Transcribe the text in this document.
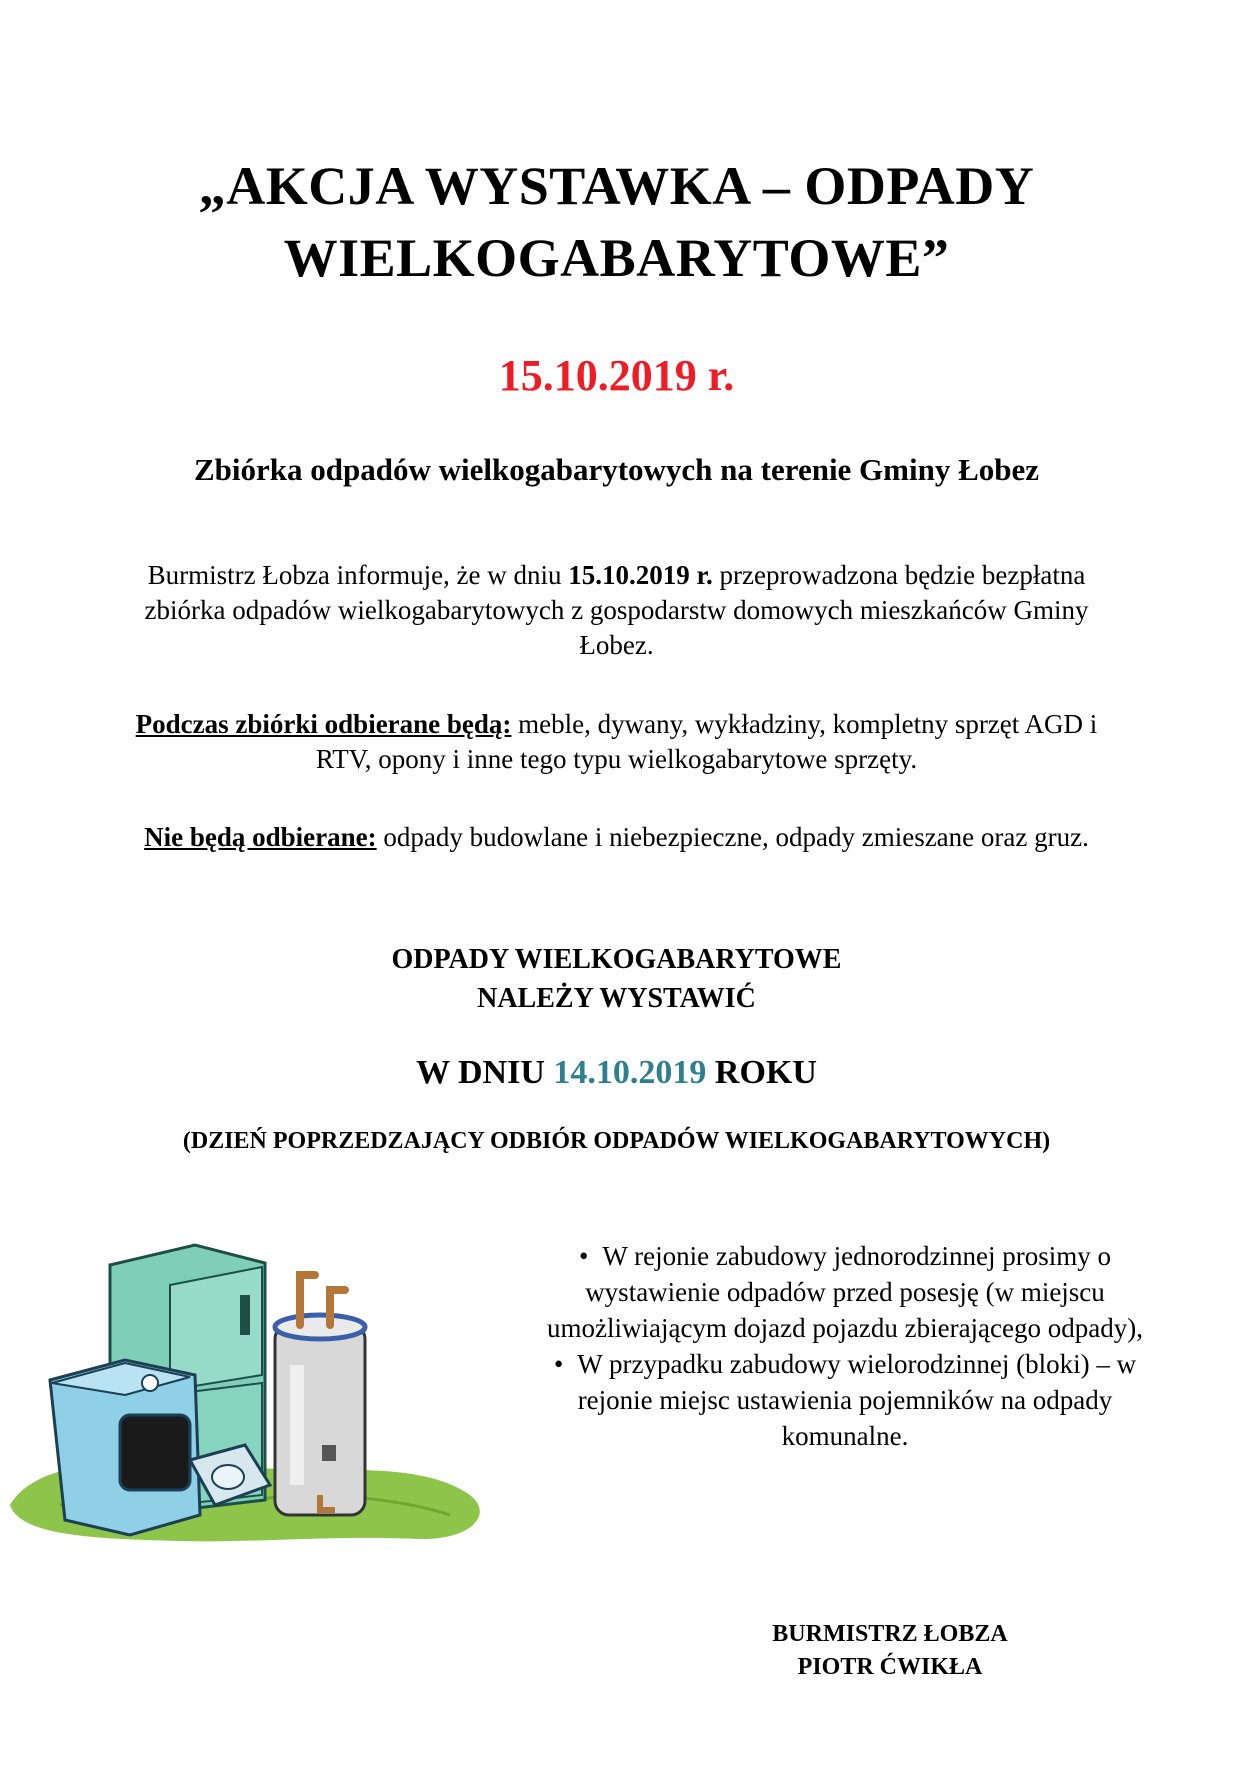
„AKCJA WYSTAWKA – ODPADY
WIELKOGABARYTOWE”
15.10.2019 r.
Zbiórka odpadów wielkogabarytowych na terenie Gminy Łobez
Burmistrz Łobza informuje, że w dniu 15.10.2019 r. przeprowadzona będzie bezpłatna zbiórka odpadów wielkogabarytowych z gospodarstw domowych mieszkańców Gminy Łobez.
Podczas zbiórki odbierane będą: meble, dywany, wykładziny, kompletny sprzęt AGD i RTV, opony i inne tego typu wielkogabarytowe sprzęty.
Nie będą odbierane: odpady budowlane i niebezpieczne, odpady zmieszane oraz gruz.
ODPADY WIELKOGABARYTOWE
NALEŻY WYSTAWIĆ
W DNIU 14.10.2019 ROKU
(DZIEŃ POPRZEDZAJĄCY ODBIÓR ODPADÓW WIELKOGABARYTOWYCH)

• W rejonie zabudowy jednorodzinnej prosimy o wystawienie odpadów przed posesję (w miejscu umożliwiającym dojazd pojazdu zbierającego odpady),

• W przypadku zabudowy wielorodzinnej (bloki) – w rejonie miejsc ustawienia pojemników na odpady komunalne.

BURMISTRZ ŁOBZA
PIOTR ĆWIKŁA
